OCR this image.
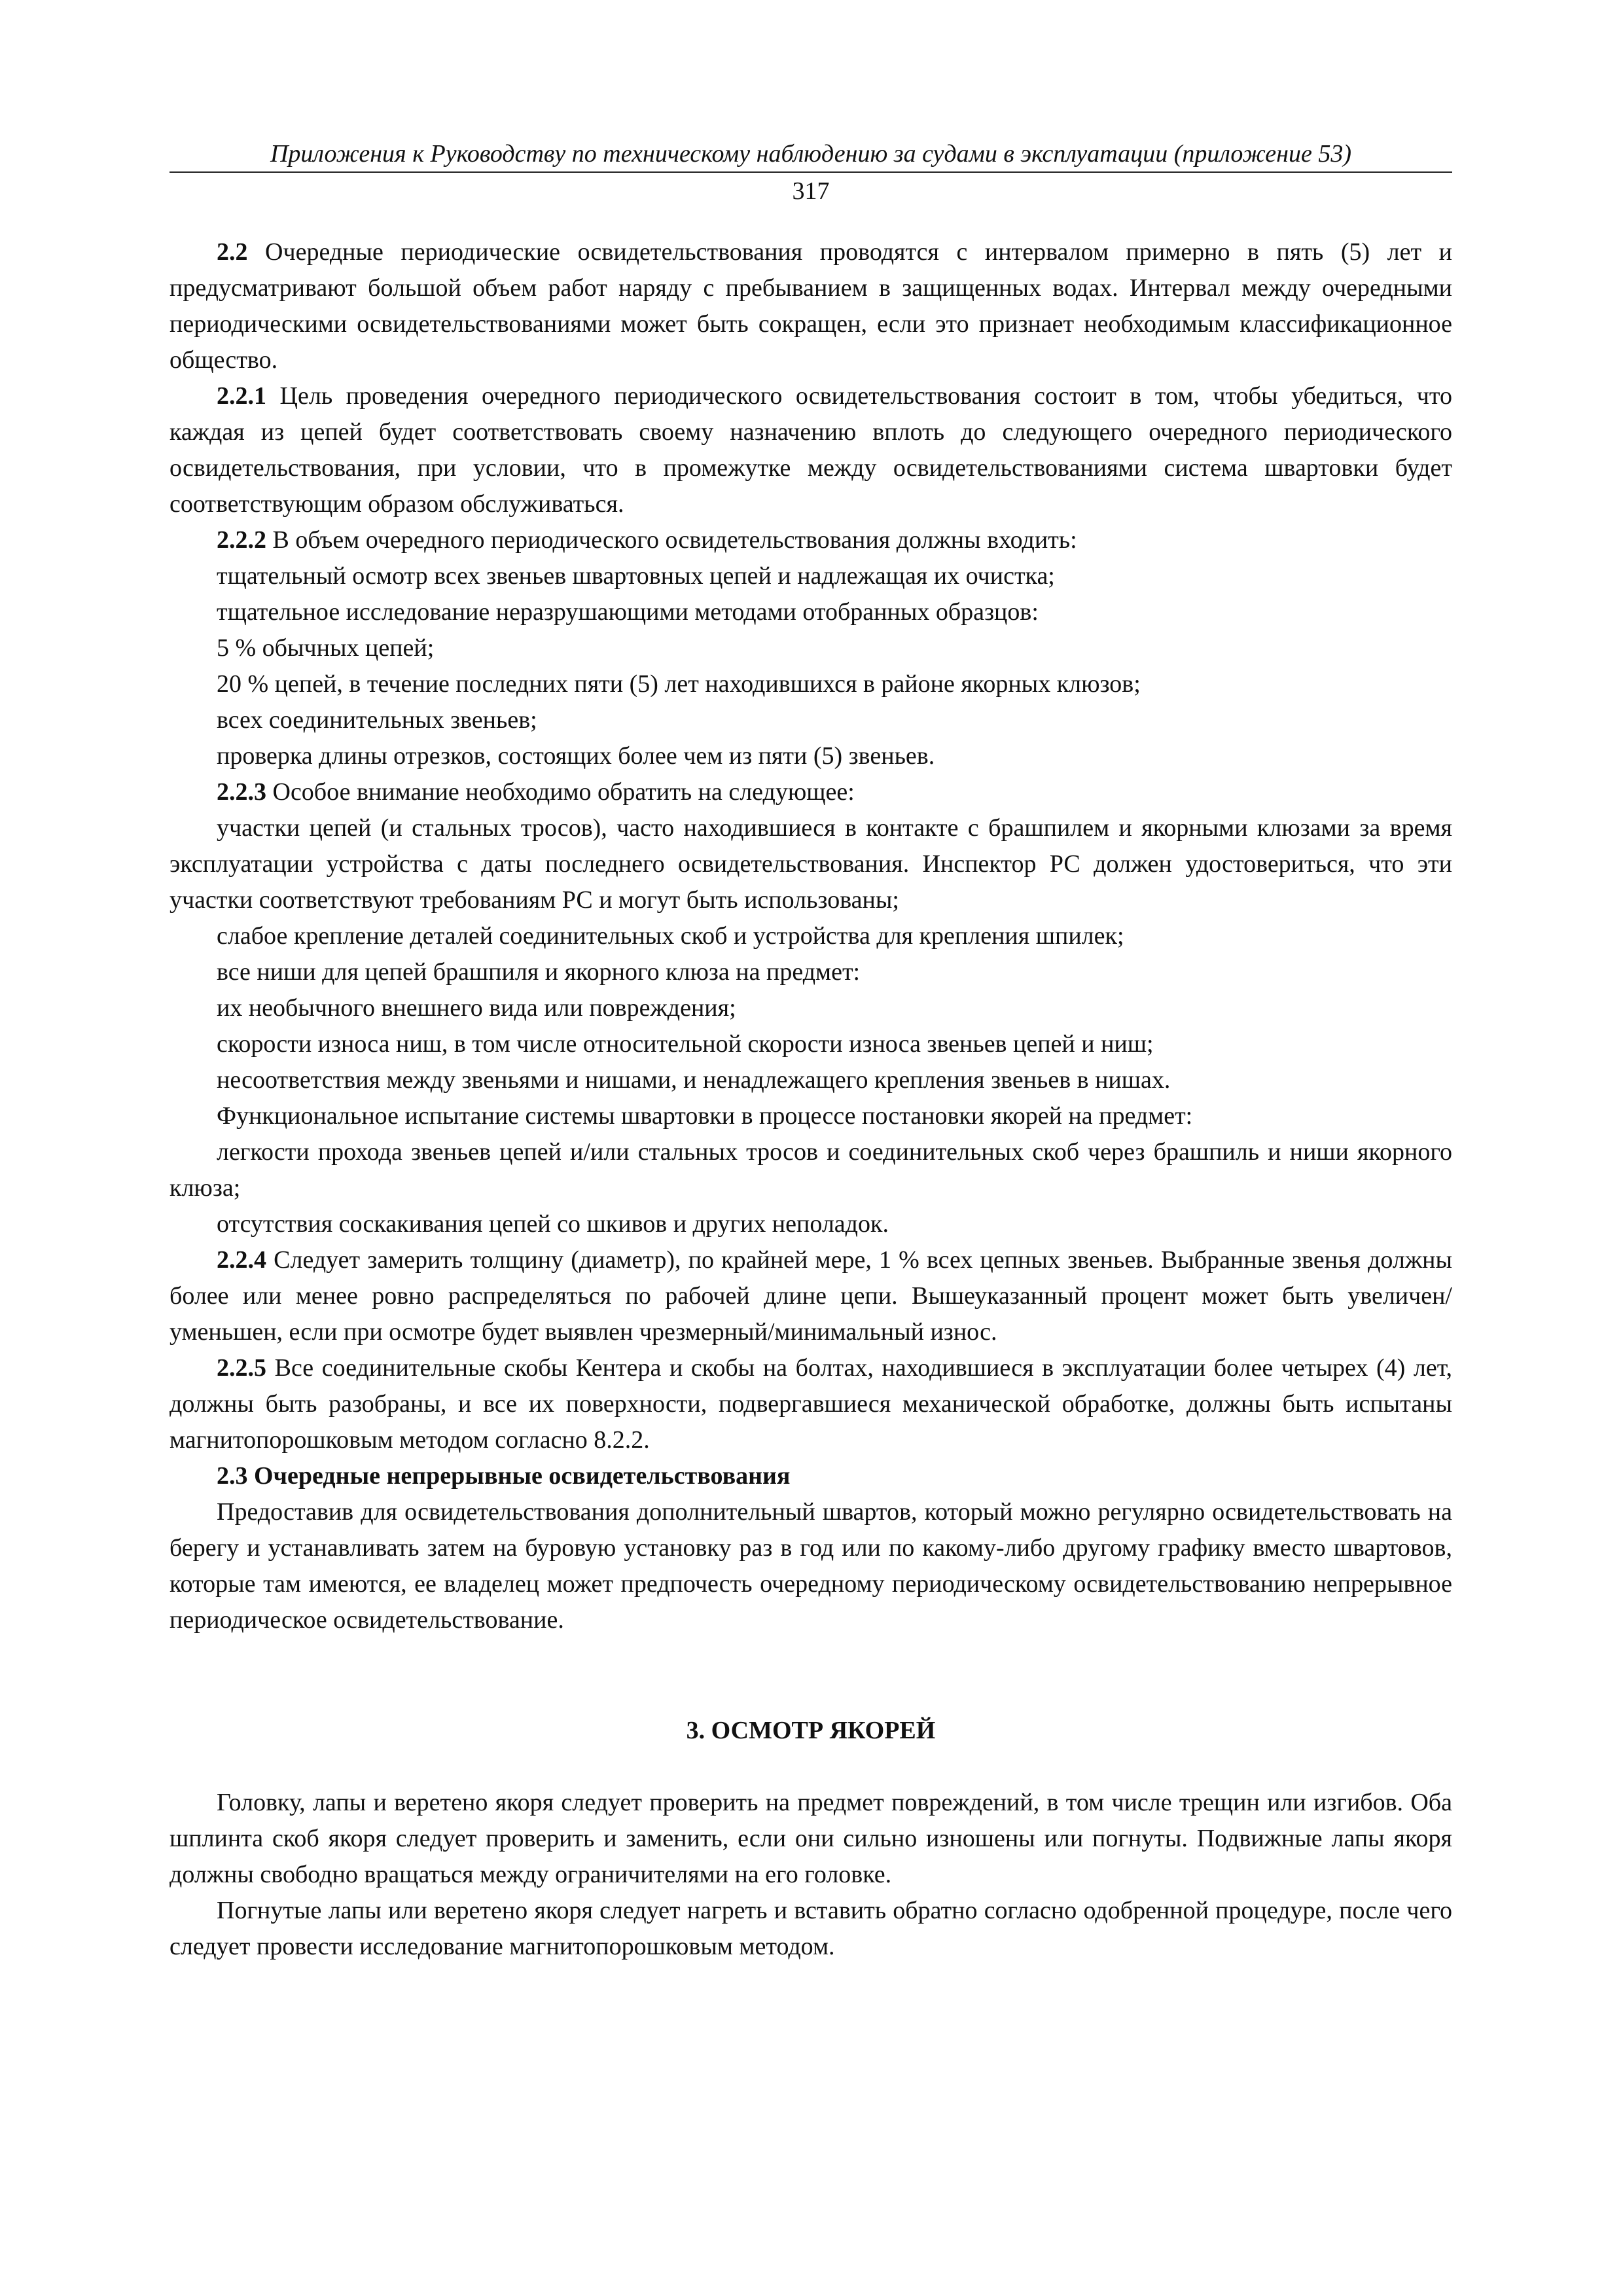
Приложения к Руководству по техническому наблюдению за судами в эксплуатации (приложение 53)
317

2.2 Очередные периодические освидетельствования проводятся с интервалом примерно в пять (5) лет и предусматривают большой объем работ наряду с пребыванием в защищенных водах. Интервал между очередными периодическими освидетельствованиями может быть сокращен, если это признает необходимым классификационное общество.

2.2.1 Цель проведения очередного периодического освидетельствования состоит в том, чтобы убедиться, что каждая из цепей будет соответствовать своему назначению вплоть до следующего очередного периодического освидетельствования, при условии, что в промежутке между освидетельствованиями система швартовки будет соответствующим образом обслуживаться.

2.2.2 В объем очередного периодического освидетельствования должны входить:

тщательный осмотр всех звеньев швартовных цепей и надлежащая их очистка;

тщательное исследование неразрушающими методами отобранных образцов:

5 % обычных цепей;

20 % цепей, в течение последних пяти (5) лет находившихся в районе якорных клюзов;

всех соединительных звеньев;

проверка длины отрезков, состоящих более чем из пяти (5) звеньев.

2.2.3 Особое внимание необходимо обратить на следующее:

участки цепей (и стальных тросов), часто находившиеся в контакте с брашпилем и якорными клюзами за время эксплуатации устройства с даты последнего освидетельствования. Инспектор РС должен удостовериться, что эти участки соответствуют требованиям РС и могут быть использованы;

слабое крепление деталей соединительных скоб и устройства для крепления шпилек;

все ниши для цепей брашпиля и якорного клюза на предмет:

их необычного внешнего вида или повреждения;

скорости износа ниш, в том числе относительной скорости износа звеньев цепей и ниш;

несоответствия между звеньями и нишами, и ненадлежащего крепления звеньев в нишах.

Функциональное испытание системы швартовки в процессе постановки якорей на предмет:

легкости прохода звеньев цепей и/или стальных тросов и соединительных скоб через брашпиль и ниши якорного клюза;

отсутствия соскакивания цепей со шкивов и других неполадок.

2.2.4 Следует замерить толщину (диаметр), по крайней мере, 1 % всех цепных звеньев. Выбранные звенья должны более или менее ровно распределяться по рабочей длине цепи. Вышеуказанный процент может быть увеличен/уменьшен, если при осмотре будет выявлен чрезмерный/минимальный износ.

2.2.5 Все соединительные скобы Кентера и скобы на болтах, находившиеся в эксплуатации более четырех (4) лет, должны быть разобраны, и все их поверхности, подвергавшиеся механической обработке, должны быть испытаны магнитопорошковым методом согласно 8.2.2.

2.3 Очередные непрерывные освидетельствования

Предоставив для освидетельствования дополнительный швартов, который можно регулярно освидетельствовать на берегу и устанавливать затем на буровую установку раз в год или по какому-либо другому графику вместо швартовов, которые там имеются, ее владелец может предпочесть очередному периодическому освидетельствованию непрерывное периодическое освидетельствование.

3. ОСМОТР ЯКОРЕЙ

Головку, лапы и веретено якоря следует проверить на предмет повреждений, в том числе трещин или изгибов. Оба шплинта скоб якоря следует проверить и заменить, если они сильно изношены или погнуты. Подвижные лапы якоря должны свободно вращаться между ограничителями на его головке.

Погнутые лапы или веретено якоря следует нагреть и вставить обратно согласно одобренной процедуре, после чего следует провести исследование магнитопорошковым методом.
